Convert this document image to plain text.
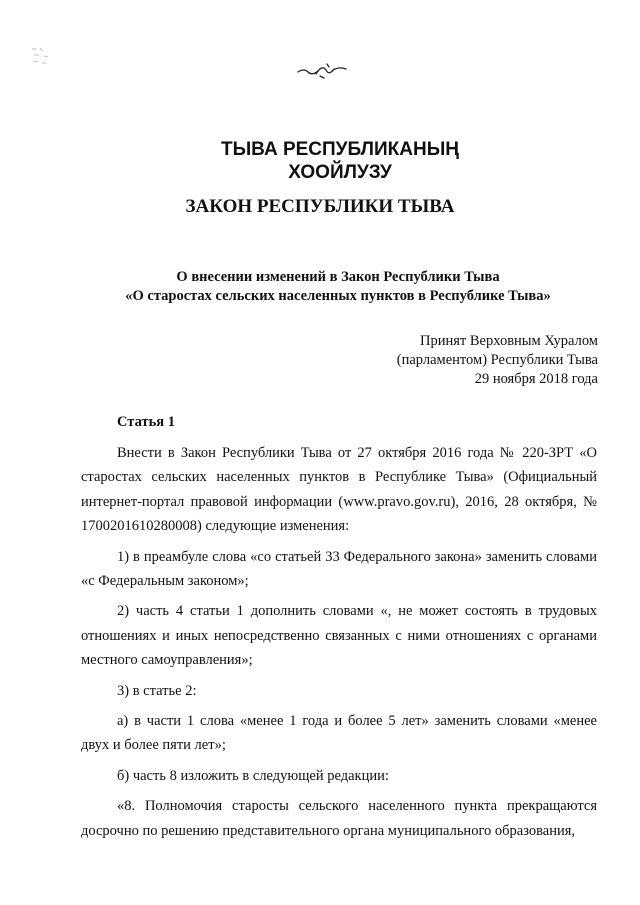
ТЫВА РЕСПУБЛИКАНЫҢ
ХООЙЛУЗУ
ЗАКОН РЕСПУБЛИКИ ТЫВА
О внесении изменений в Закон Республики Тыва
«О старостах сельских населенных пунктов в Республике Тыва»
Принят Верховным Хуралом
(парламентом) Республики Тыва
29 ноября 2018 года
Статья 1

Внести в Закон Республики Тыва от 27 октября 2016 года № 220-ЗРТ «О старостах сельских населенных пунктов в Республике Тыва» (Официальный интернет-портал правовой информации (www.pravo.gov.ru), 2016, 28 октября, № 1700201610280008) следующие изменения:

1) в преамбуле слова «со статьей 33 Федерального закона» заменить словами «с Федеральным законом»;

2) часть 4 статьи 1 дополнить словами «, не может состоять в трудовых отношениях и иных непосредственно связанных с ними отношениях с органами местного самоуправления»;

3) в статье 2:

а) в части 1 слова «менее 1 года и более 5 лет» заменить словами «менее двух и более пяти лет»;

б) часть 8 изложить в следующей редакции:

«8. Полномочия старосты сельского населенного пункта прекращаются досрочно по решению представительного органа муниципального образования,
